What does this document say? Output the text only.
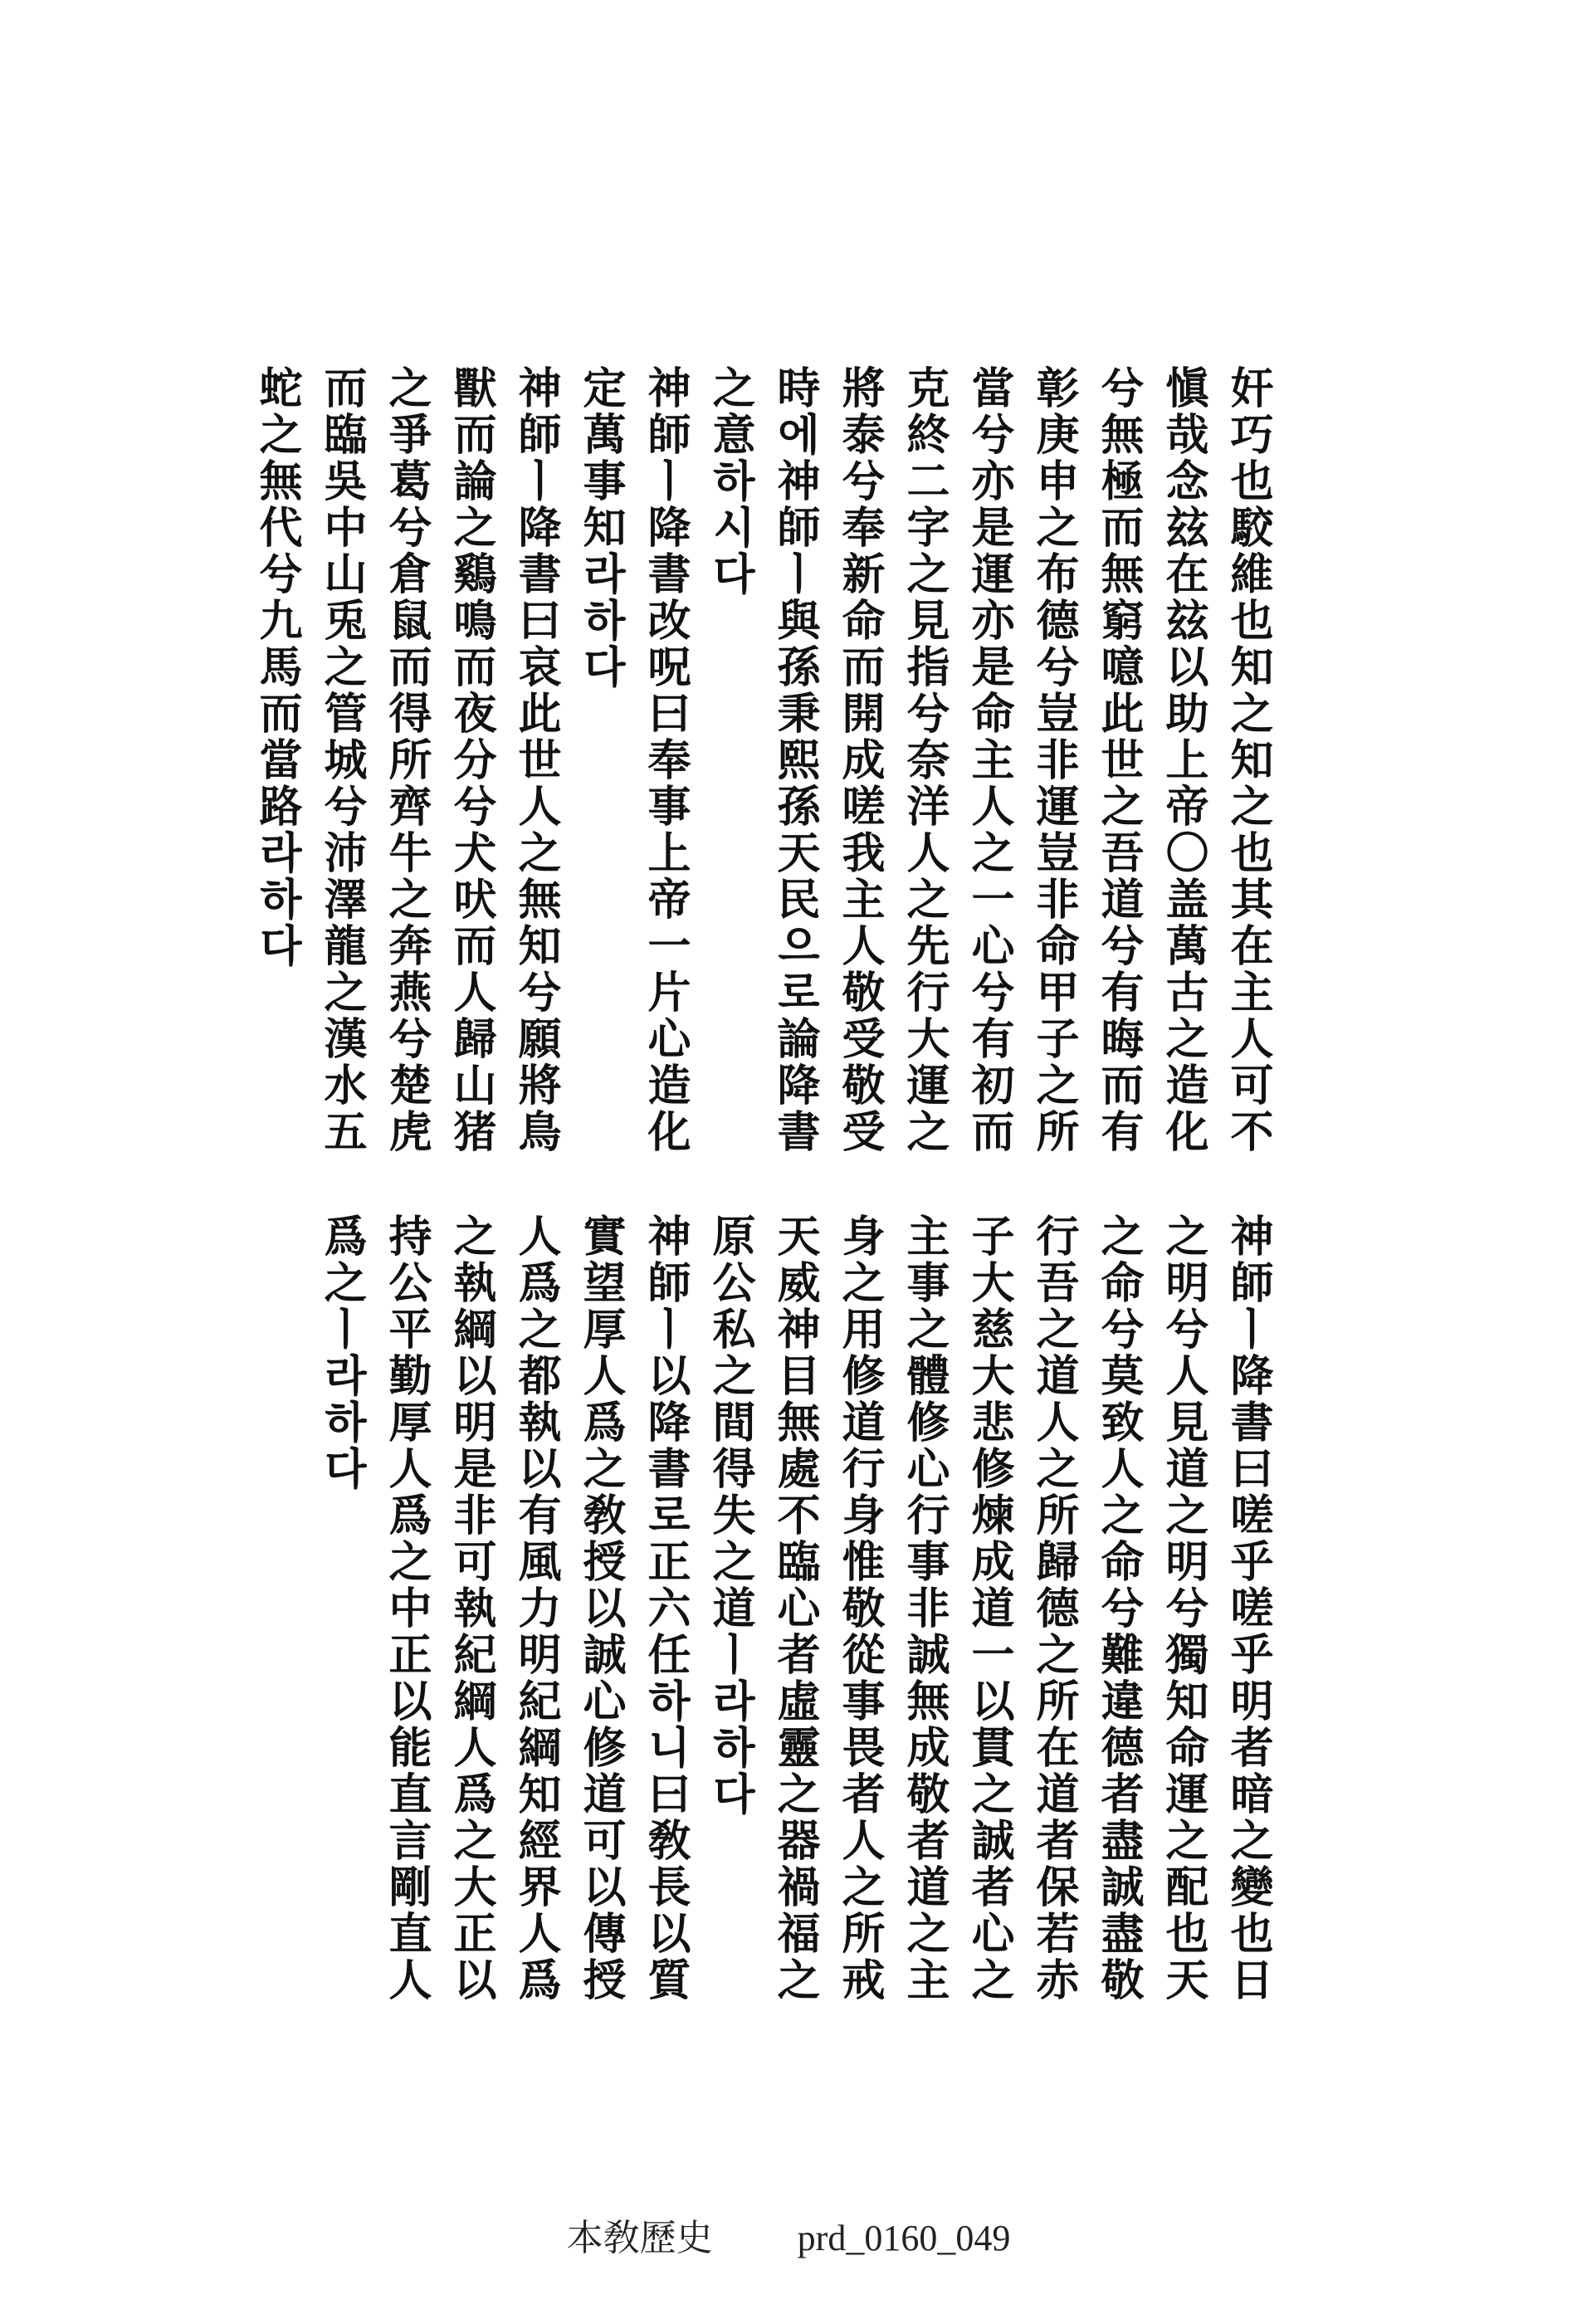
奸巧也駮維也知之知之也其在主人可不
愼哉念玆在玆以助上帝〇盖萬古之造化
兮無極而無窮噫此世之吾道兮有晦而有
彰庚申之布德兮豈非運豈非命甲子之所
當兮亦是運亦是命主人之一心兮有初而
克終二字之見指兮奈洋人之先行大運之
將泰兮奉新命而開成嗟我主人敬受敬受
時에神師ㅣ與孫秉熙孫天民으로論降書
之意하시다
神師ㅣ降書改呪曰奉事上帝一片心造化
定萬事知라하다
神師ㅣ降書曰哀此世人之無知兮願將鳥
獸而論之鷄鳴而夜分兮犬吠而人歸山猪
之爭葛兮倉鼠而得所齊牛之奔燕兮楚虎
而臨吳中山兎之管城兮沛澤龍之漢水五
蛇之無代兮九馬而當路라하다
神師ㅣ降書曰嗟乎嗟乎明者暗之變也日
之明兮人見道之明兮獨知命運之配也天
之命兮莫致人之命兮難違德者盡誠盡敬
行吾之道人之所歸德之所在道者保若赤
子大慈大悲修煉成道一以貫之誠者心之
主事之體修心行事非誠無成敬者道之主
身之用修道行身惟敬從事畏者人之所戒
天威神目無處不臨心者虛靈之器禍福之
原公私之間得失之道ㅣ라하다
神師ㅣ以降書로正六任하니曰敎長以質
實望厚人爲之敎授以誠心修道可以傳授
人爲之都執以有風力明紀綱知經界人爲
之執綱以明是非可執紀綱人爲之大正以
持公平勤厚人爲之中正以能直言剛直人
爲之ㅣ라하다
本敎歷史 prd_0160_049
